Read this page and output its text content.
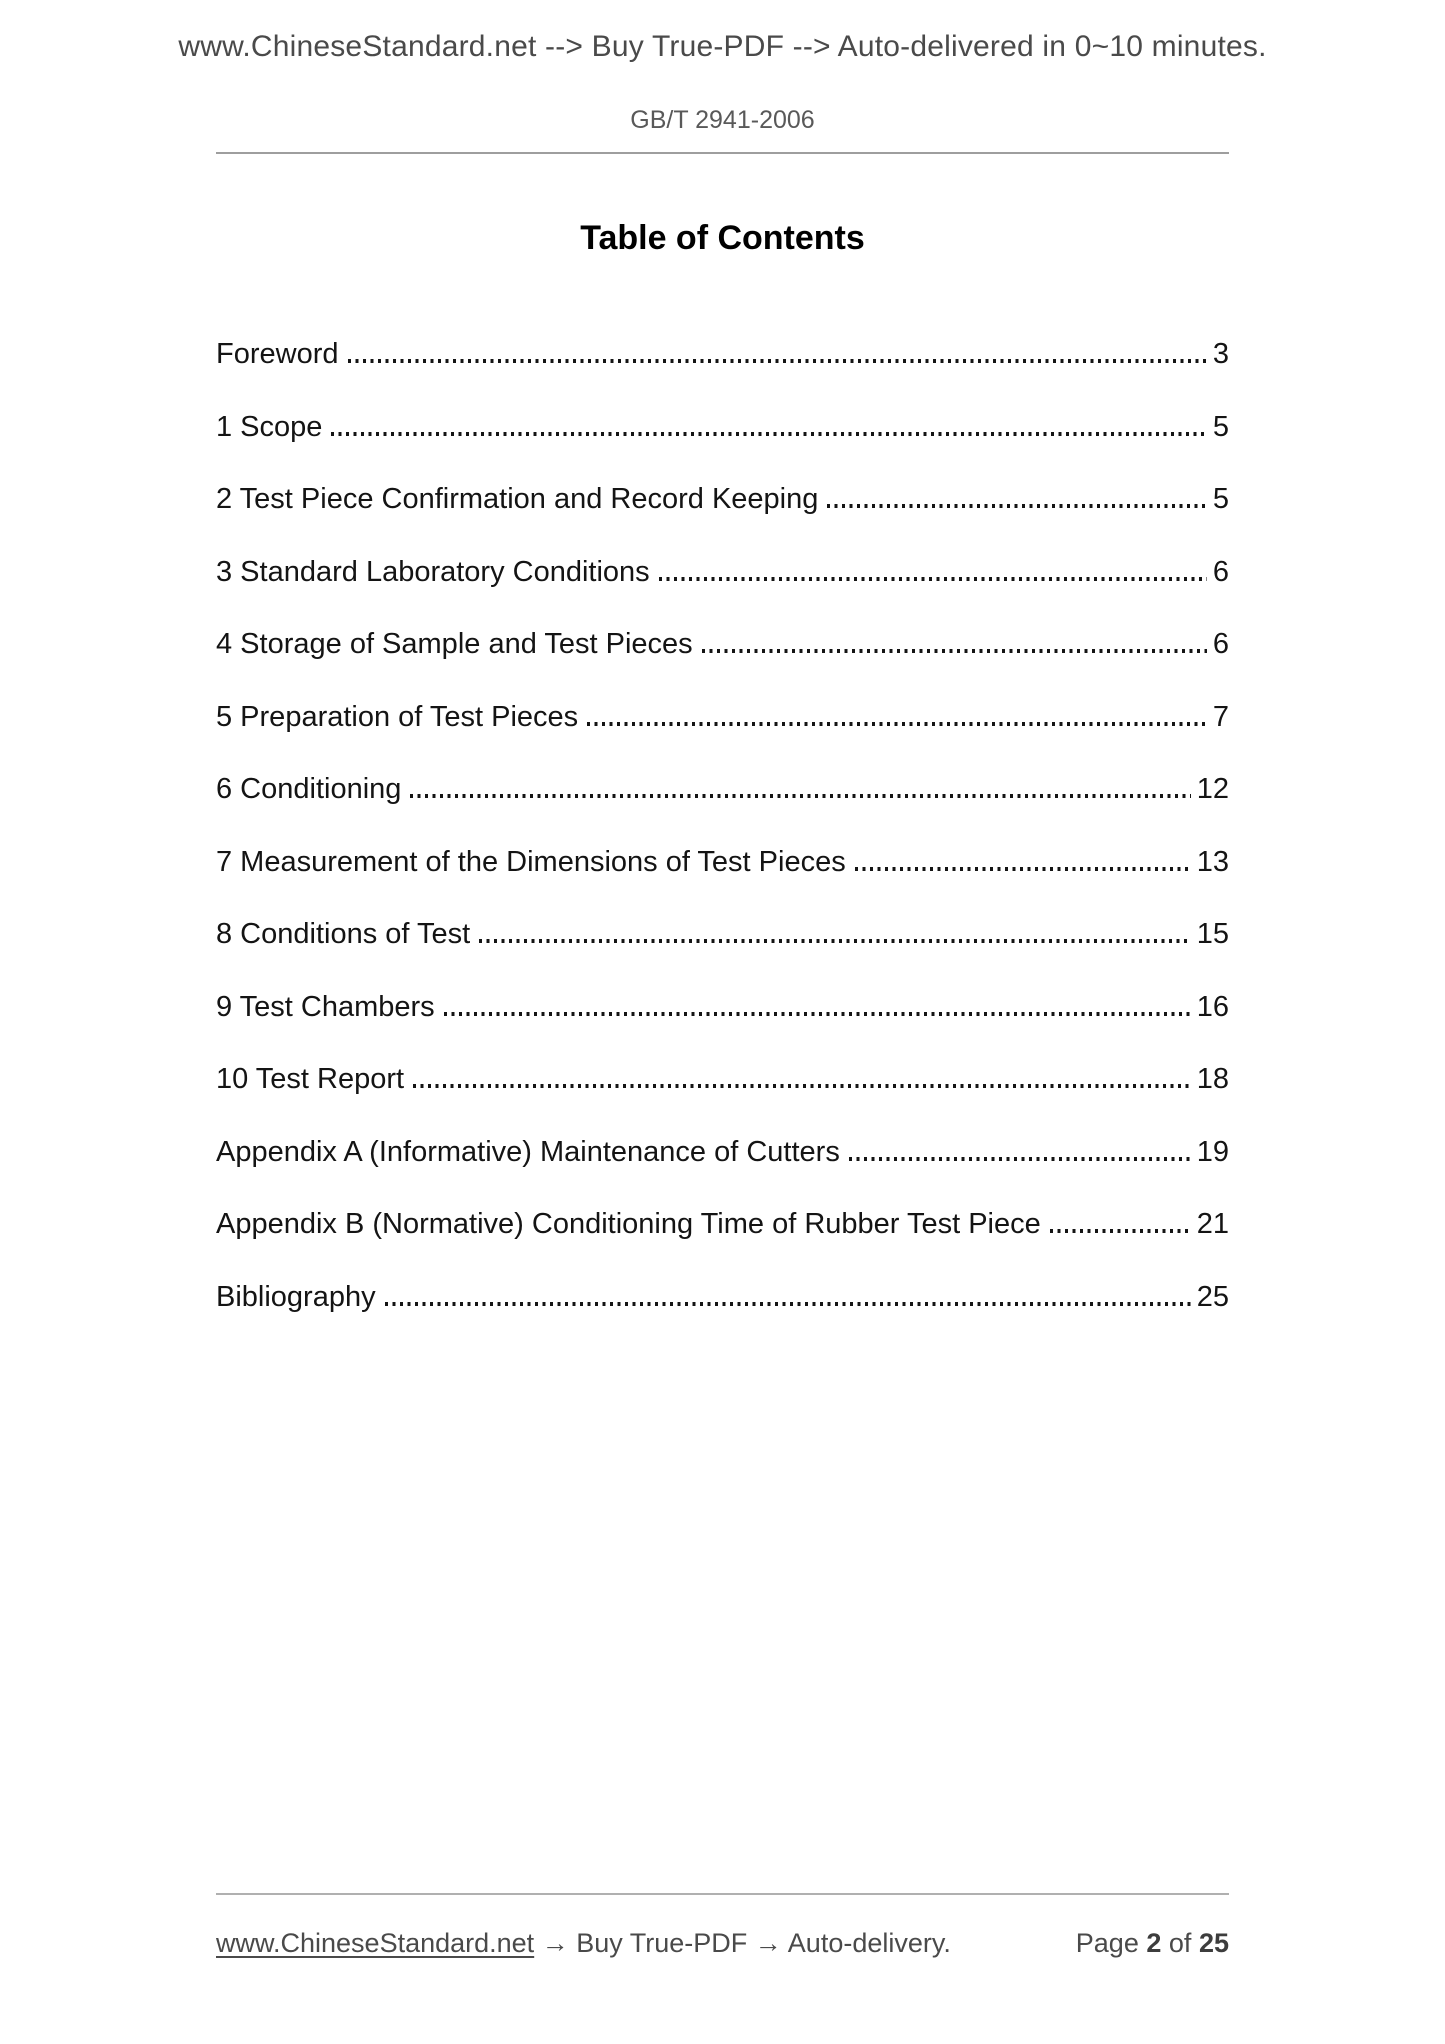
www.ChineseStandard.net --> Buy True-PDF --> Auto-delivered in 0~10 minutes.
GB/T 2941-2006
Table of Contents
Foreword	3
1 Scope	5
2 Test Piece Confirmation and Record Keeping	5
3 Standard Laboratory Conditions	6
4 Storage of Sample and Test Pieces	6
5 Preparation of Test Pieces	7
6 Conditioning	12
7 Measurement of the Dimensions of Test Pieces	13
8 Conditions of Test	15
9 Test Chambers	16
10 Test Report	18
Appendix A (Informative) Maintenance of Cutters	19
Appendix B (Normative) Conditioning Time of Rubber Test Piece	21
Bibliography	25
www.ChineseStandard.net → Buy True-PDF → Auto-delivery.	Page 2 of 25
